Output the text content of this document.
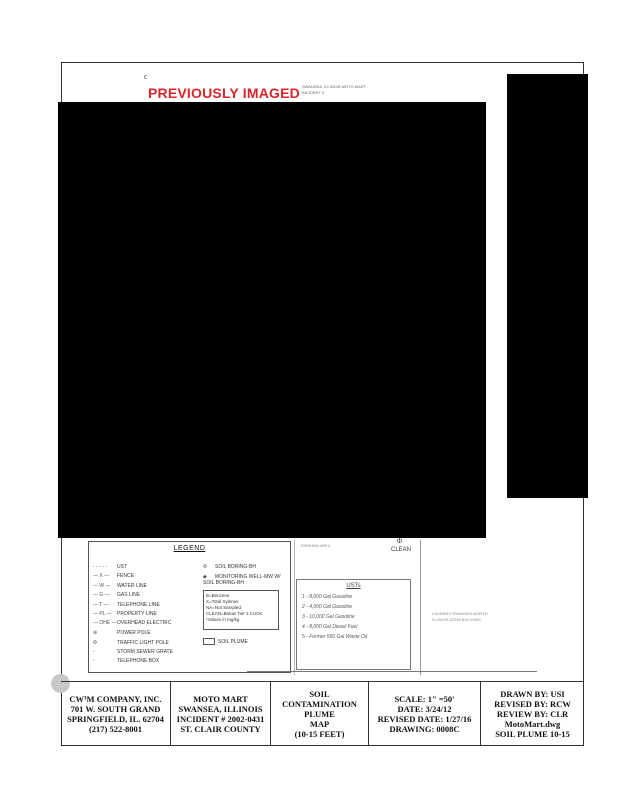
c
PREVIOUSLY IMAGED SWANSEA, ILLINOIS MOTO MART
INCIDENT #
PARKING AREA
Φ
CLEAN
LAUNDRO SWANSEA NORTH
ILLINOIS 62226 BUILDING
LEGEND
- - - - - UST
— X — FENCE
— W — WATER LINE
— G — GAS LINE
— T — TELEPHONE LINE
— PL — PROPERTY LINE
— OHE —OVERHEAD ELECTRIC
⊕	POWER POLE
Φ	TRAFFIC LIGHT POLE
▫	STORM SEWER GRATE
▫	TELEPHONE BOX
Φ SOIL BORING-BH
◆ MONITORING WELL-MW W/ SOIL BORING-BH
B=Benzene
X=Total Xylenes
NA=Not Sampled
CLEAN=Below Tier 1 CUOs
*Values in mg/kg
SOIL PLUME
USTs
1 - 8,000 Gal Gasoline
2 - 4,000 Gal Gasoline
3 - 10,000 Gal Gasoline
4 - 8,000 Gal Diesel Fuel
5 - Former 550 Gal Waste Oil
CW³M COMPANY, INC.
701 W. SOUTH GRAND
SPRINGFIELD, IL. 62704
(217) 522-8001
MOTO MART
SWANSEA, ILLINOIS
INCIDENT # 2002-0431
ST. CLAIR COUNTY
SOIL
CONTAMINATION
PLUME
MAP
(10-15 FEET)
SCALE: 1" =50'
DATE: 3/24/12
REVISED DATE: 1/27/16
DRAWING: 0008C
DRAWN BY: USI
REVISED BY: RCW
REVIEW BY: CLR
MotoMart.dwg
SOIL PLUME 10-15
